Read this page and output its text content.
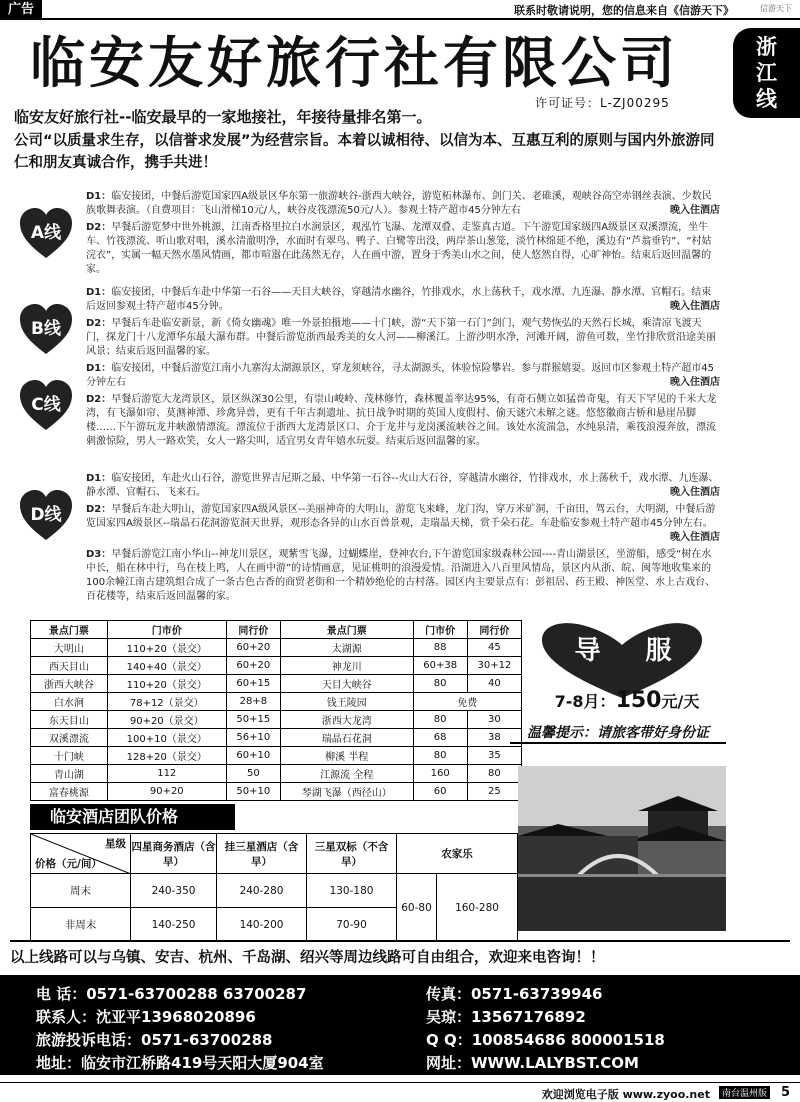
广告	联系时敬请说明，您的信息来自《信游天下》	信游天下
浙江线
临安友好旅行社有限公司
许可证号：L-ZJ00295
临安友好旅行社--临安最早的一家地接社，年接待量排名第一。
公司“以质量求生存，以信誉求发展”为经营宗旨。本着以诚相待、以信为本、互惠互利的原则与国内外旅游同仁和朋友真诚合作，携手共进！
A线
D1：临安接团，中餐后游览国家四A级景区华东第一旅游峡谷-浙西大峡谷，游览柘林瀑布、剑门关、老碓溪，观峡谷高空赤钢丝表演、少数民族歌舞表演。（自费项目：飞山滑梯10元/人，峡谷皮筏漂流50元/人）。参观土特产超市45分钟左右	晚入住酒店
D2：早餐后游览梦中世外桃源，江南香格里拉白水涧景区，观泓竹飞瀑、龙潭双叠、走鉴真古道。下午游览国家级四A级景区双溪漂流，坐牛车、竹筏漂流、听山歌对唱，溪水清澈明净，水面时有翠鸟、鸭子、白鹭等出没，两岸茶山葱笼，淡竹林绵延不绝，溪边有“芦翁垂钓”、“村姑浣衣”，实属一幅天然水墨风情画，都市喧嚣在此荡然无存，人在画中游，置身于秀美山水之间，使人悠然自得，心旷神怡。结束后返回温馨的家。
B线
D1：临安接团，中餐后车赴中华第一石谷——天目大峡谷，穿越清水幽谷，竹排戏水，水上荡秋千，戏水潭、九连瀑、静水潭、官帽石。结束后返回参观土特产超市45分钟。	晚入住酒店
D2：早餐后车赴临安新景，新《倚女幽魂》唯一外景拍摄地——十门峡，游“天下第一石门”剑门，观气势恢弘的天然石长城，乘清凉飞渡天门，探龙门十八龙潭华东最大瀑布群。中餐后游览浙西最秀美的女人河——柳溪江。上游沙明水净，河滩开阔，游鱼可数，坐竹排欣赏沿途美丽风景；结束后返回温馨的家。
C线
D1：临安接团，中餐后游览江南小九寨沟太湖源景区，穿龙须峡谷，寻太湖源头，体验惊险攀岩。参与群猴嬉耍。返回市区参观土特产超市45分钟左右	晚入住酒店
D2：早餐后游览大龙湾景区，景区纵深30公里，有崇山峻岭、茂林修竹，森林覆盖率达95%，有奇石侧立如猛兽奇鬼，有天下罕见的千米大龙湾，有飞瀑如帘、莫测神潭、珍禽异兽，更有千年古刹遗址、抗日战争时期的英国人度假村、偷天谜穴未解之谜。悠悠徽商古桥和悬崖吊脚楼……下午游玩龙井峡激情漂流。漂流位于浙西大龙湾景区口、介于龙井与龙岗溪流峡谷之间。该处水流湍急，水纯泉清，乘筏浪漫奔放，漂流刺激惊险，男人一路欢笑，女人一路尖叫，适宜男女青年嬉水玩耍。结束后返回温馨的家。
D线
D1：临安接团，车赴火山石谷，游览世界吉尼斯之最、中华第一石谷--火山大石谷，穿越清水幽谷，竹排戏水，水上荡秋千，戏水潭、九连瀑、静水潭、官帽石、飞来石。	晚入住酒店
D2：早餐后车赴大明山，游览国家四A级风景区--美丽神奇的大明山，游览飞来峰，龙门沟，穿万米矿洞，千亩田，驾云台，大明湖，中餐后游览国家四A级景区--瑞晶石花洞游览洞天世界，观形态各异的山水百兽景观，走瑞晶天梯，赏千朵石花。车赴临安参观土特产超市45分钟左右。
晚入住酒店
D3：早餐后游览江南小华山--神龙川景区，观紫雪飞瀑，过蝴蝶崖，登神农台,下午游览国家级森林公园----青山湖景区，坐游船，感受“树在水中长，船在林中行，鸟在枝上鸣，人在画中游”的诗情画意，见证桃明的浪漫爱情。沿湖进入八百里风情岛，景区内从浙、皖、闽等地收集来的100余幢江南古建筑组合成了一条古色古香的商贸老街和一个精妙绝伦的古村落。园区内主要景点有：彭祖居、药王殿、神医堂、水上古戏台、百花楼等，结束后返回温馨的家。
景点门票	门市价	同行价	景点门票	门市价	同行价
大明山	110+20（景交）	60+20	太湖源	88	45
西天目山	140+40（景交）	60+20	神龙川	60+38	30+12
浙西大峡谷	110+20（景交）	60+15	天目大峡谷	80	40
白水涧	78+12（景交）	28+8	钱王陵园	免费	
东天目山	90+20（景交）	50+15	浙西大龙湾	80	30
双溪漂流	100+10（景交）	56+10	瑞晶石花洞	68	38
十门峡	128+20（景交）	60+10	柳溪 半程	80	35
青山湖	112	50	江源流 全程	160	80
富春桃源	90+20	50+10	琴湖飞瀑（西径山）	60	25
导 服
7-8月：150元/天
温馨提示：请旅客带好身份证
临安酒店团队价格
星级
价格（元/间）	四星商务酒店（含早）	挂三星酒店（含早）	三星双标（不含早）	农家乐	
周末	240-350	240-280	130-180	60-80	160-280
非周末	140-250	140-200	70-90		
以上线路可以与乌镇、安吉、杭州、千岛湖、绍兴等周边线路可自由组合，欢迎来电咨询！！
电 话：0571-63700288 63700287
联系人：沈亚平13968020896
旅游投诉电话：0571-63700288
地址：临安市江桥路419号天阳大厦904室
传真：0571-63739946
吴琼：13567176892
Q Q：100854686 800001518
网址：WWW.LALYBST.COM
欢迎浏览电子版 www.zyoo.net	南台温州版 5
